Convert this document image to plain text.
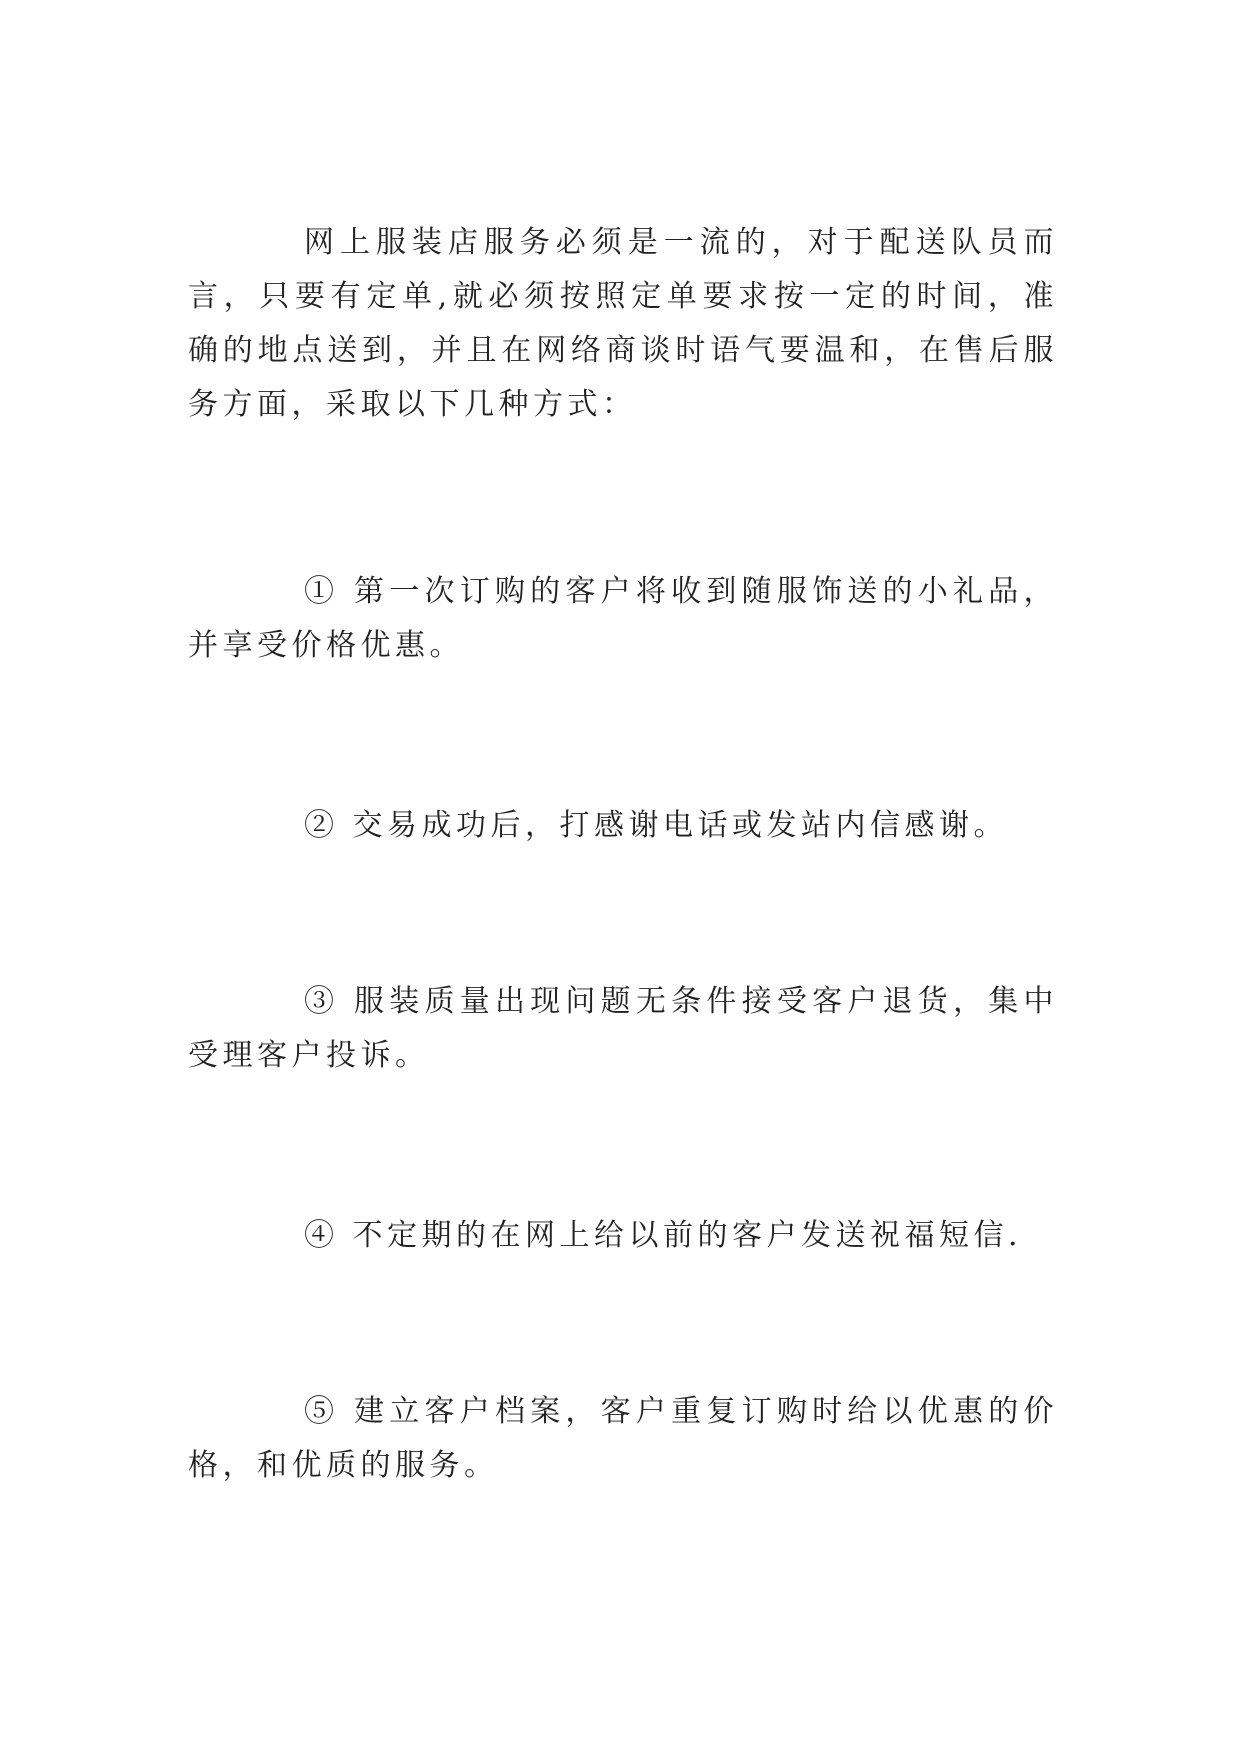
网上服装店服务必须是一流的，对于配送队员而言，只要有定单,就必须按照定单要求按一定的时间，准确的地点送到，并且在网络商谈时语气要温和，在售后服务方面，采取以下几种方式：

① 第一次订购的客户将收到随服饰送的小礼品，并享受价格优惠。

② 交易成功后，打感谢电话或发站内信感谢。

③ 服装质量出现问题无条件接受客户退货，集中受理客户投诉。

④ 不定期的在网上给以前的客户发送祝福短信.

⑤ 建立客户档案，客户重复订购时给以优惠的价格，和优质的服务。
